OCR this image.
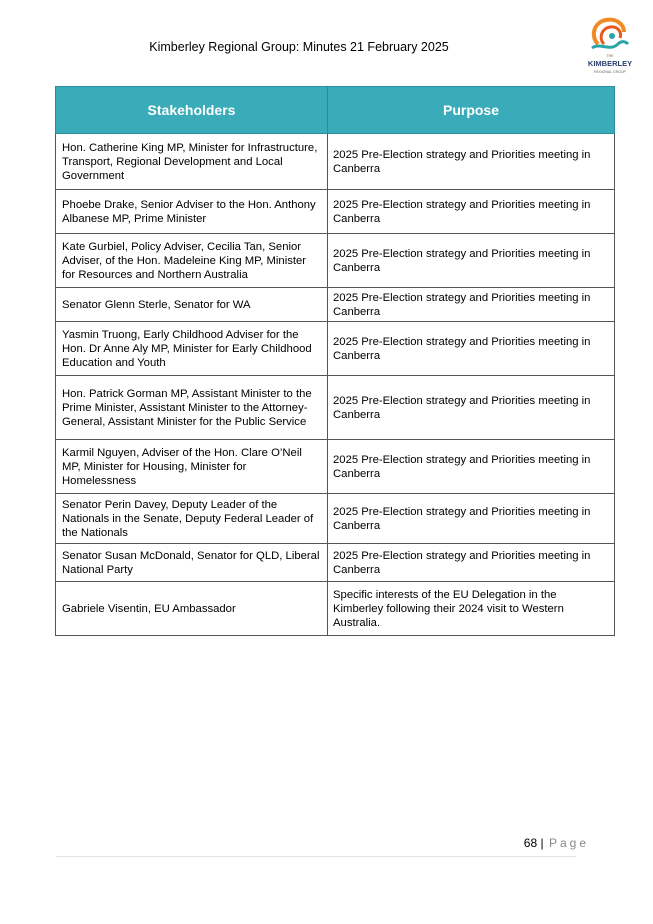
Kimberley Regional Group: Minutes 21 February 2025
THE
KIMBERLEY
REGIONAL GROUP
Stakeholders	Purpose
Hon. Catherine King MP, Minister for Infrastructure, Transport, Regional Development and Local Government	2025 Pre-Election strategy and Priorities meeting in Canberra
Phoebe Drake, Senior Adviser to the Hon. Anthony Albanese MP, Prime Minister	2025 Pre-Election strategy and Priorities meeting in Canberra
Kate Gurbiel, Policy Adviser, Cecilia Tan, Senior Adviser, of the Hon. Madeleine King MP, Minister for Resources and Northern Australia	2025 Pre-Election strategy and Priorities meeting in Canberra
Senator Glenn Sterle, Senator for WA	2025 Pre-Election strategy and Priorities meeting in Canberra
Yasmin Truong, Early Childhood Adviser for the Hon. Dr Anne Aly MP, Minister for Early Childhood Education and Youth	2025 Pre-Election strategy and Priorities meeting in Canberra
Hon. Patrick Gorman MP, Assistant Minister to the Prime Minister, Assistant Minister to the Attorney-General, Assistant Minister for the Public Service	2025 Pre-Election strategy and Priorities meeting in Canberra
Karmil Nguyen, Adviser of the Hon. Clare O’Neil MP, Minister for Housing, Minister for Homelessness	2025 Pre-Election strategy and Priorities meeting in Canberra
Senator Perin Davey, Deputy Leader of the Nationals in the Senate, Deputy Federal Leader of the Nationals	2025 Pre-Election strategy and Priorities meeting in Canberra
Senator Susan McDonald, Senator for QLD, Liberal National Party	2025 Pre-Election strategy and Priorities meeting in Canberra
Gabriele Visentin, EU Ambassador	Specific interests of the EU Delegation in the Kimberley following their 2024 visit to Western Australia.
68 | Page
